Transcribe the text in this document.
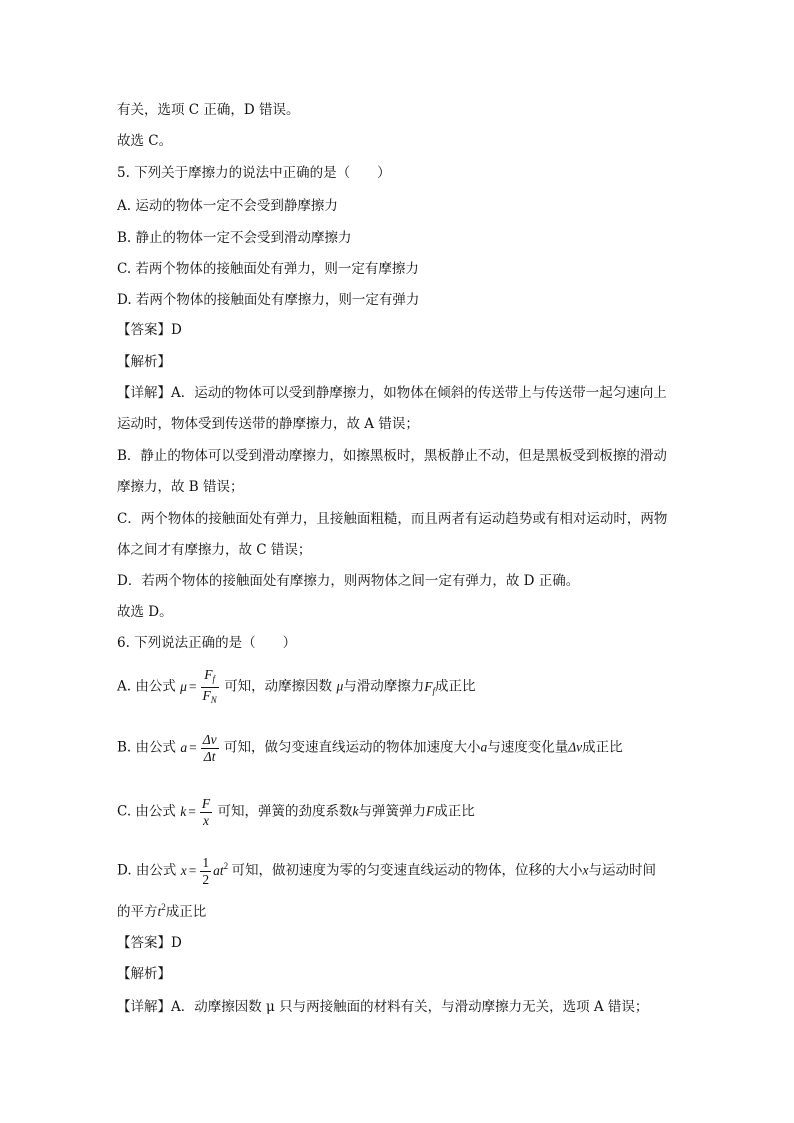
有关，选项 C 正确，D 错误。
故选 C。
5. 下列关于摩擦力的说法中正确的是（　　）
A. 运动的物体一定不会受到静摩擦力
B. 静止的物体一定不会受到滑动摩擦力
C. 若两个物体的接触面处有弹力，则一定有摩擦力
D. 若两个物体的接触面处有摩擦力，则一定有弹力
【答案】D
【解析】
【详解】A．运动的物体可以受到静摩擦力，如物体在倾斜的传送带上与传送带一起匀速向上
运动时，物体受到传送带的静摩擦力，故 A 错误；
B．静止的物体可以受到滑动摩擦力，如擦黑板时，黑板静止不动，但是黑板受到板擦的滑动
摩擦力，故 B 错误；
C．两个物体的接触面处有弹力，且接触面粗糙，而且两者有运动趋势或有相对运动时，两物
体之间才有摩擦力，故 C 错误；
D．若两个物体的接触面处有摩擦力，则两物体之间一定有弹力，故 D 正确。
故选 D。
6. 下列说法正确的是（　　）
A. 由公式 $\mu = \frac{F_f}{F_N}$ 可知，动摩擦因数 μ与滑动摩擦力$F_f$成正比
B. 由公式 $a = \frac{\Delta v}{\Delta t}$ 可知，做匀变速直线运动的物体加速度大小a与速度变化量Δv成正比
C. 由公式 $k = \frac{F}{x}$ 可知，弹簧的劲度系数k与弹簧弹力F成正比
D. 由公式 $x = \frac{1}{2} at^2$ 可知，做初速度为零的匀变速直线运动的物体，位移的大小x与运动时间
的平方$t^2$成正比
【答案】D
【解析】
【详解】A．动摩擦因数 μ 只与两接触面的材料有关，与滑动摩擦力无关，选项 A 错误；
